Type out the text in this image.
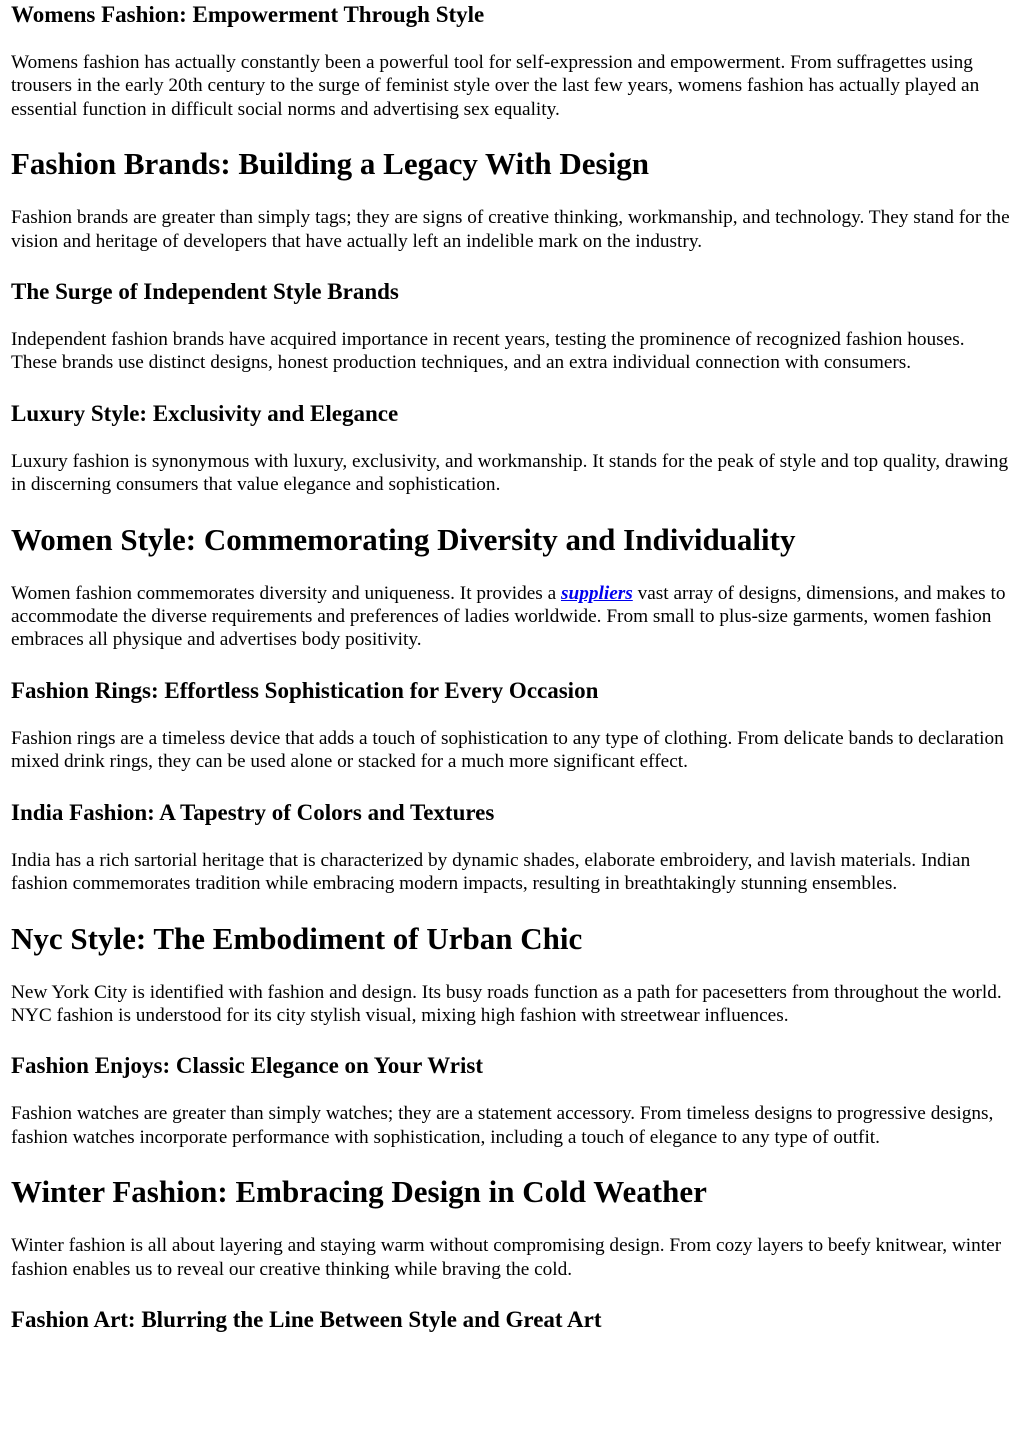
Womens Fashion: Empowerment Through Style

Womens fashion has actually constantly been a powerful tool for self-expression and empowerment. From suffragettes using trousers in the early 20th century to the surge of feminist style over the last few years, womens fashion has actually played an essential function in difficult social norms and advertising sex equality.

Fashion Brands: Building a Legacy With Design

Fashion brands are greater than simply tags; they are signs of creative thinking, workmanship, and technology. They stand for the vision and heritage of developers that have actually left an indelible mark on the industry.

The Surge of Independent Style Brands

Independent fashion brands have acquired importance in recent years, testing the prominence of recognized fashion houses. These brands use distinct designs, honest production techniques, and an extra individual connection with consumers.

Luxury Style: Exclusivity and Elegance

Luxury fashion is synonymous with luxury, exclusivity, and workmanship. It stands for the peak of style and top quality, drawing in discerning consumers that value elegance and sophistication.

Women Style: Commemorating Diversity and Individuality

Women fashion commemorates diversity and uniqueness. It provides a suppliers vast array of designs, dimensions, and makes to accommodate the diverse requirements and preferences of ladies worldwide. From small to plus-size garments, women fashion embraces all physique and advertises body positivity.

Fashion Rings: Effortless Sophistication for Every Occasion

Fashion rings are a timeless device that adds a touch of sophistication to any type of clothing. From delicate bands to declaration mixed drink rings, they can be used alone or stacked for a much more significant effect.

India Fashion: A Tapestry of Colors and Textures

India has a rich sartorial heritage that is characterized by dynamic shades, elaborate embroidery, and lavish materials. Indian fashion commemorates tradition while embracing modern impacts, resulting in breathtakingly stunning ensembles.

Nyc Style: The Embodiment of Urban Chic

New York City is identified with fashion and design. Its busy roads function as a path for pacesetters from throughout the world. NYC fashion is understood for its city stylish visual, mixing high fashion with streetwear influences.

Fashion Enjoys: Classic Elegance on Your Wrist

Fashion watches are greater than simply watches; they are a statement accessory. From timeless designs to progressive designs, fashion watches incorporate performance with sophistication, including a touch of elegance to any type of outfit.

Winter Fashion: Embracing Design in Cold Weather

Winter fashion is all about layering and staying warm without compromising design. From cozy layers to beefy knitwear, winter fashion enables us to reveal our creative thinking while braving the cold.

Fashion Art: Blurring the Line Between Style and Great Art
